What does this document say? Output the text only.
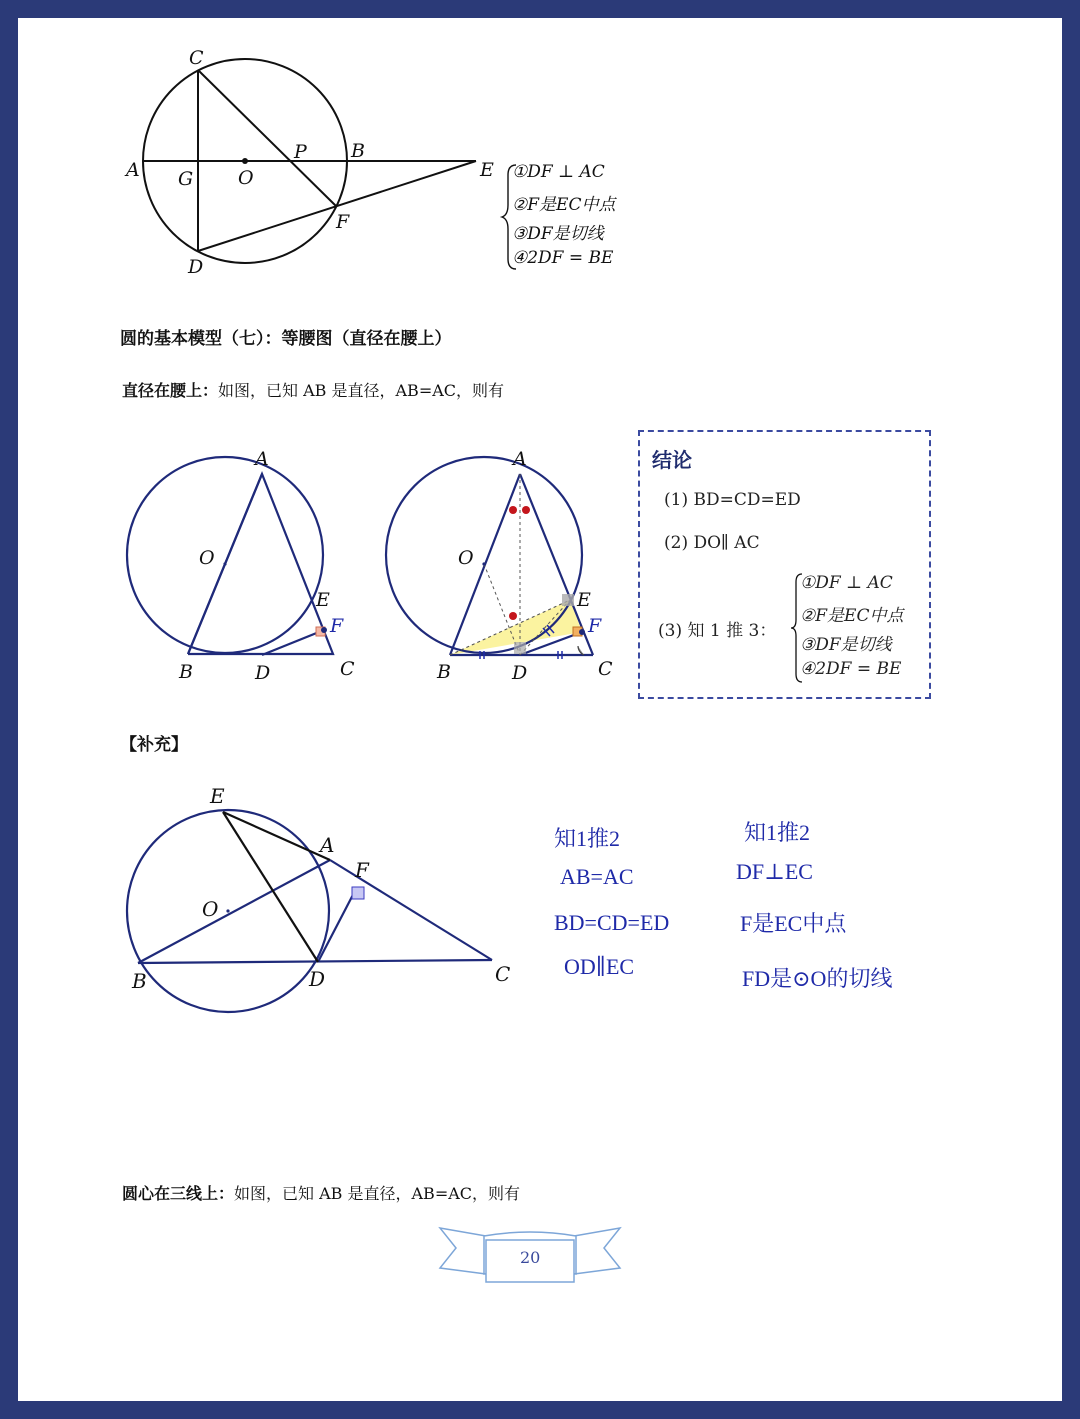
C
A G O
P B
E
F
D
①DF ⊥ AC
②F是EC中点
③DF是切线
④2DF = BE
圆的基本模型（七）：等腰图（直径在腰上）
直径在腰上：如图，已知 AB 是直径，AB=AC，则有
A
O
E
F
B	D	C
A
O
E
F
B	D	C
结论
(1) BD=CD=ED
(2) DO∥ AC
(3) 知 1 推 3：
①DF ⊥ AC
②F是EC中点
③DF是切线
④2DF = BE
【补充】
E
A
F
O
B	D	C
知1推2
AB=AC
BD=CD=ED
OD∥EC
知1推2
DF⊥EC
F是EC中点
FD是⊙O的切线
圆心在三线上：如图，已知 AB 是直径，AB=AC，则有
20
